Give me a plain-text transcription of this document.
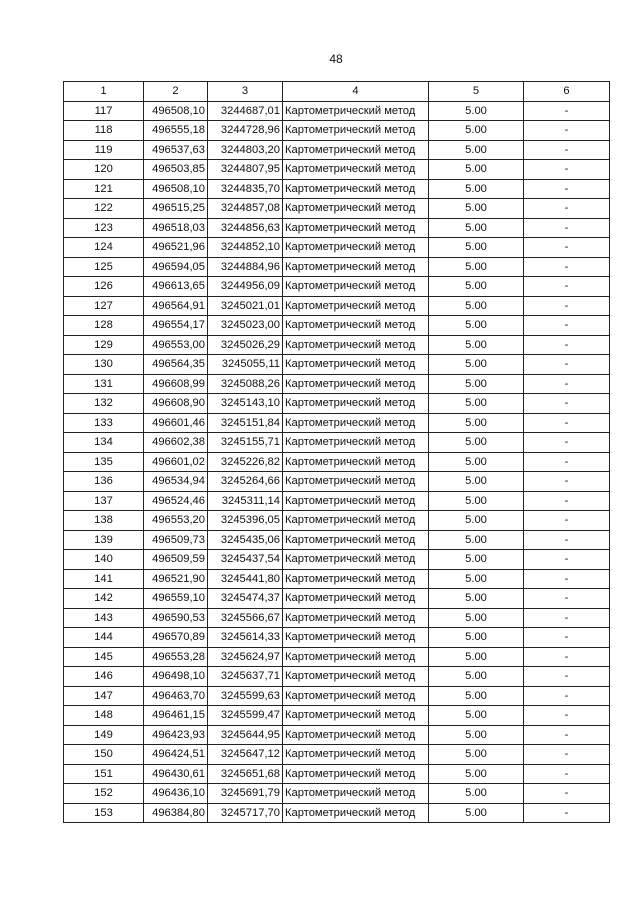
48
1	2	3	4	5	6
117	496508,10	3244687,01	Картометрический метод	5.00	-
118	496555,18	3244728,96	Картометрический метод	5.00	-
119	496537,63	3244803,20	Картометрический метод	5.00	-
120	496503,85	3244807,95	Картометрический метод	5.00	-
121	496508,10	3244835,70	Картометрический метод	5.00	-
122	496515,25	3244857,08	Картометрический метод	5.00	-
123	496518,03	3244856,63	Картометрический метод	5.00	-
124	496521,96	3244852,10	Картометрический метод	5.00	-
125	496594,05	3244884,96	Картометрический метод	5.00	-
126	496613,65	3244956,09	Картометрический метод	5.00	-
127	496564,91	3245021,01	Картометрический метод	5.00	-
128	496554,17	3245023,00	Картометрический метод	5.00	-
129	496553,00	3245026,29	Картометрический метод	5.00	-
130	496564,35	3245055,11	Картометрический метод	5.00	-
131	496608,99	3245088,26	Картометрический метод	5.00	-
132	496608,90	3245143,10	Картометрический метод	5.00	-
133	496601,46	3245151,84	Картометрический метод	5.00	-
134	496602,38	3245155,71	Картометрический метод	5.00	-
135	496601,02	3245226,82	Картометрический метод	5.00	-
136	496534,94	3245264,66	Картометрический метод	5.00	-
137	496524,46	3245311,14	Картометрический метод	5.00	-
138	496553,20	3245396,05	Картометрический метод	5.00	-
139	496509,73	3245435,06	Картометрический метод	5.00	-
140	496509,59	3245437,54	Картометрический метод	5.00	-
141	496521,90	3245441,80	Картометрический метод	5.00	-
142	496559,10	3245474,37	Картометрический метод	5.00	-
143	496590,53	3245566,67	Картометрический метод	5.00	-
144	496570,89	3245614,33	Картометрический метод	5.00	-
145	496553,28	3245624,97	Картометрический метод	5.00	-
146	496498,10	3245637,71	Картометрический метод	5.00	-
147	496463,70	3245599,63	Картометрический метод	5.00	-
148	496461,15	3245599,47	Картометрический метод	5.00	-
149	496423,93	3245644,95	Картометрический метод	5.00	-
150	496424,51	3245647,12	Картометрический метод	5.00	-
151	496430,61	3245651,68	Картометрический метод	5.00	-
152	496436,10	3245691,79	Картометрический метод	5.00	-
153	496384,80	3245717,70	Картометрический метод	5.00	-
